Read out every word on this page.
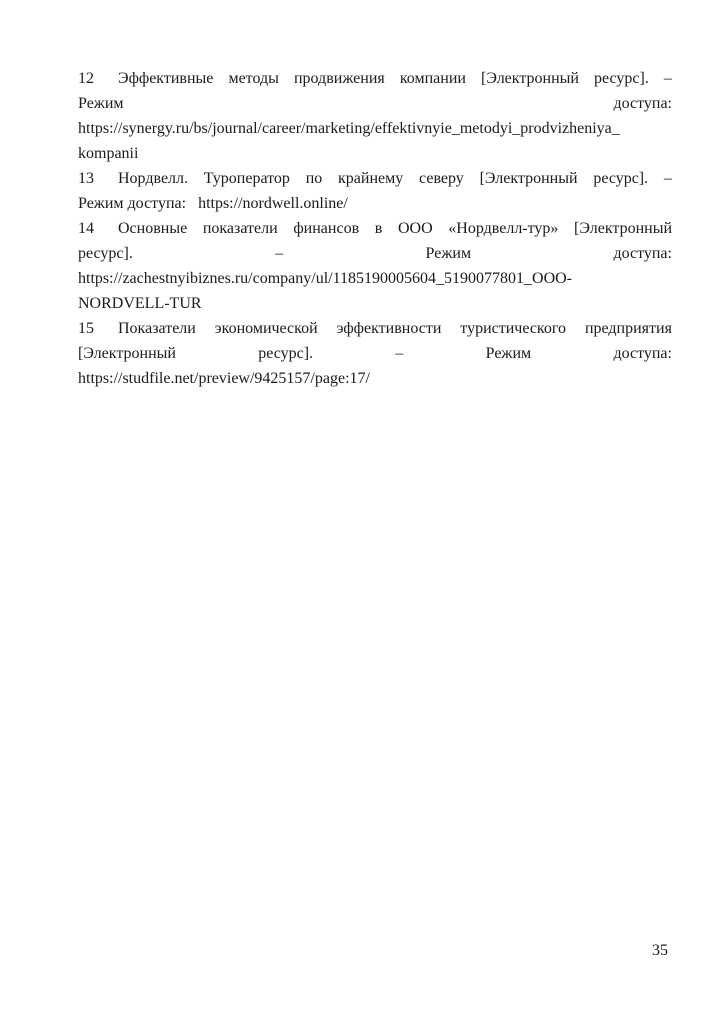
12	Эффективные методы продвижения компании [Электронный ресурс]. –
Режим	доступа:
https://synergy.ru/bs/journal/career/marketing/effektivnyie_metodyi_prodvizheniya_
kompanii
13	Нордвелл. Туроператор по крайнему северу [Электронный ресурс]. –
Режим доступа:   https://nordwell.online/
14	Основные показатели финансов в ООО «Нордвелл-тур» [Электронный
ресурс].	–	Режим	доступа:
https://zachestnyibiznes.ru/company/ul/1185190005604_5190077801_OOO-
NORDVELL-TUR
15	Показатели экономической эффективности туристического предприятия
[Электронный	ресурс].	–	Режим	доступа:
https://studfile.net/preview/9425157/page:17/
35
